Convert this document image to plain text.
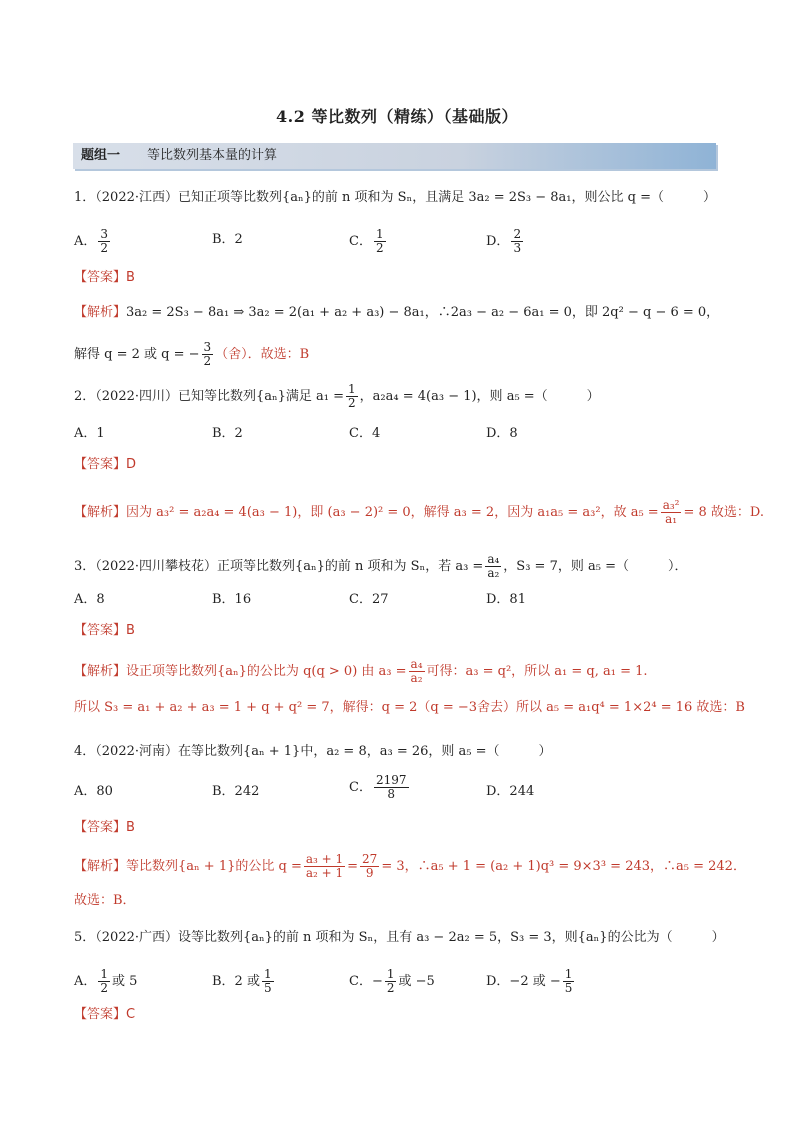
4.2 等比数列（精练）（基础版）
题组一 等比数列基本量的计算
1．（2022·江西）已知正项等比数列{aₙ}的前 n 项和为 Sₙ，且满足 3a₂ = 2S₃ − 8a₁，则公比 q =（　　　）
A． $\frac{3}{2}$	B．2	C． $\frac{1}{2}$	D． $\frac{2}{3}$
【答案】B
【解析】3a₂ = 2S₃ − 8a₁ ⇒ 3a₂ = 2(a₁ + a₂ + a₃) − 8a₁，∴2a₃ − a₂ − 6a₁ = 0，即 2q² − q − 6 = 0，
解得 q = 2 或 q = − $\frac{3}{2}$ （舍）．故选：B
2．（2022·四川）已知等比数列{aₙ}满足 $a_1 = \frac{1}{2}$ ，a₂a₄ = 4(a₃ − 1)，则 a₅ =（　　　）
A．1	B．2	C．4	D．8
【答案】D
【解析】因为 a₃² = a₂a₄ = 4(a₃ − 1)，即 (a₃ − 2)² = 0，解得 a₃ = 2，因为 a₁a₅ = a₃²，故 $a_5 = \frac{\text{a₃²}}{\text{a₁}} = 8$ 故选：D.
3．（2022·四川攀枝花）正项等比数列{aₙ}的前 n 项和为 Sₙ，若 $a_3 = \frac{\text{a₄}}{\text{a₂}}$ ，S₃ = 7，则 a₅ =（　　　）．
A．8	B．16	C．27	D．81
【答案】B
【解析】设正项等比数列{aₙ}的公比为 q(q > 0) 由 $a_3 = \frac{\text{a₄}}{\text{a₂}}$ 可得：a₃ = q²，所以 a₁ = q, a₁ = 1.
所以 S₃ = a₁ + a₂ + a₃ = 1 + q + q² = 7，解得：q = 2（q = −3舍去）所以 a₅ = a₁q⁴ = 1×2⁴ = 16 故选：B
4．（2022·河南）在等比数列{aₙ + 1}中，a₂ = 8，a₃ = 26，则 a₅ =（　　　）
A．80	B．242	C． $\frac{2197}{8}$	D．244
【答案】B
【解析】等比数列{aₙ + 1}的公比 $q = \frac{\text{a₃ + 1}}{\text{a₂ + 1}} = \frac{27}{9} = 3$，∴a₅ + 1 = (a₂ + 1)q³ = 9×3³ = 243，∴a₅ = 242．
故选：B．
5．（2022·广西）设等比数列{aₙ}的前 n 项和为 Sₙ，且有 a₃ − 2a₂ = 5，S₃ = 3，则{aₙ}的公比为（　　　）
A． $\frac{1}{2}$ 或 5	B．2 或 $\frac{1}{5}$	C．− $\frac{1}{2}$ 或 −5	D．−2 或 − $\frac{1}{5}$
【答案】C
